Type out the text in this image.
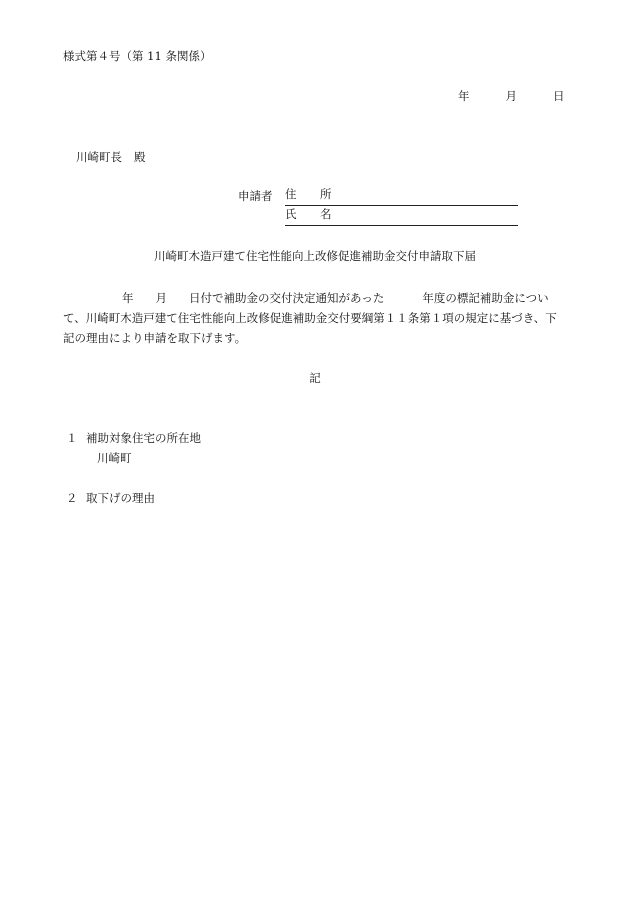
様式第４号（第 11 条関係）
年	月	日
川崎町長 殿
申請者 住 所
氏 名
川崎町木造戸建て住宅性能向上改修促進補助金交付申請取下届
年 月 日付で補助金の交付決定通知があった	年度の標記補助金につい
て、川崎町木造戸建て住宅性能向上改修促進補助金交付要綱第１１条第１項の規定に基づき、下
記の理由により申請を取下げます。
記
１ 補助対象住宅の所在地
川崎町
２ 取下げの理由
